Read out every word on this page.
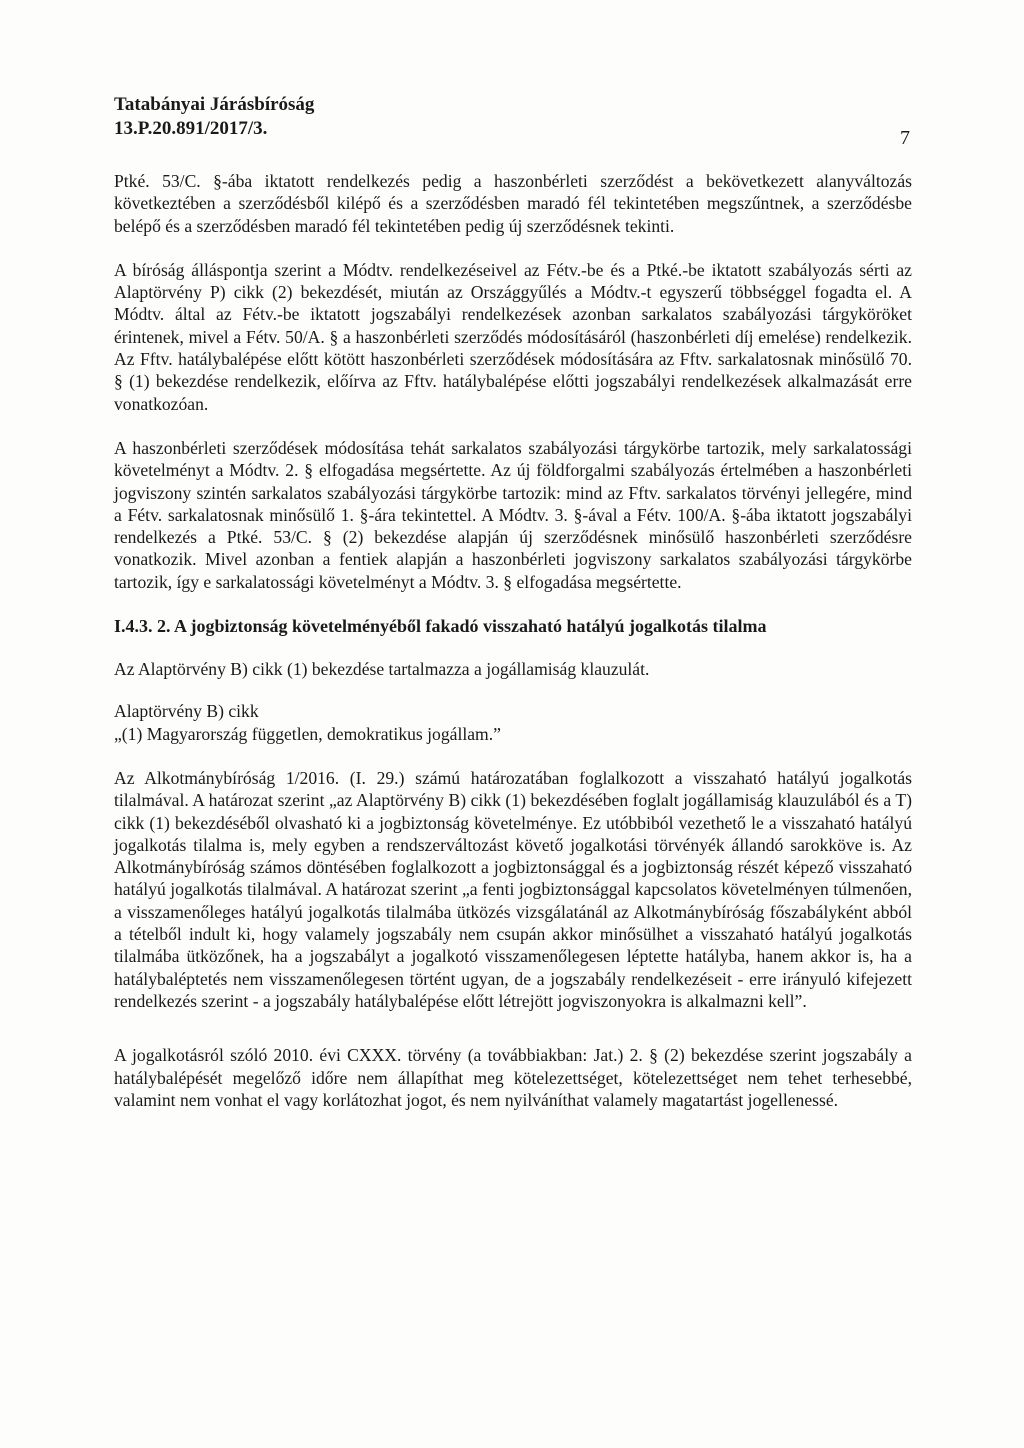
Tatabányai Járásbíróság
13.P.20.891/2017/3.	7

Ptké. 53/C. §-ába iktatott rendelkezés pedig a haszonbérleti szerződést a bekövetkezett alanyváltozás következtében a szerződésből kilépő és a szerződésben maradó fél tekintetében megszűntnek, a szerződésbe belépő és a szerződésben maradó fél tekintetében pedig új szerződésnek tekinti.

A bíróság álláspontja szerint a Módtv. rendelkezéseivel az Fétv.-be és a Ptké.-be iktatott szabályozás sérti az Alaptörvény P) cikk (2) bekezdését, miután az Országgyűlés a Módtv.-t egyszerű többséggel fogadta el. A Módtv. által az Fétv.-be iktatott jogszabályi rendelkezések azonban sarkalatos szabályozási tárgyköröket érintenek, mivel a Fétv. 50/A. § a haszonbérleti szerződés módosításáról (haszonbérleti díj emelése) rendelkezik. Az Fftv. hatálybalépése előtt kötött haszonbérleti szerződések módosítására az Fftv. sarkalatosnak minősülő 70. § (1) bekezdése rendelkezik, előírva az Fftv. hatálybalépése előtti jogszabályi rendelkezések alkalmazását erre vonatkozóan.

A haszonbérleti szerződések módosítása tehát sarkalatos szabályozási tárgykörbe tartozik, mely sarkalatossági követelményt a Módtv. 2. § elfogadása megsértette. Az új földforgalmi szabályozás értelmében a haszonbérleti jogviszony szintén sarkalatos szabályozási tárgykörbe tartozik: mind az Fftv. sarkalatos törvényi jellegére, mind a Fétv. sarkalatosnak minősülő 1. §-ára tekintettel. A Módtv. 3. §-ával a Fétv. 100/A. §-ába iktatott jogszabályi rendelkezés a Ptké. 53/C. § (2) bekezdése alapján új szerződésnek minősülő haszonbérleti szerződésre vonatkozik. Mivel azonban a fentiek alapján a haszonbérleti jogviszony sarkalatos szabályozási tárgykörbe tartozik, így e sarkalatossági követelményt a Módtv. 3. § elfogadása megsértette.

I.4.3. 2. A jogbiztonság követelményéből fakadó visszaható hatályú jogalkotás tilalma

Az Alaptörvény B) cikk (1) bekezdése tartalmazza a jogállamiság klauzulát.

Alaptörvény B) cikk

„(1) Magyarország független, demokratikus jogállam.”

Az Alkotmánybíróság 1/2016. (I. 29.) számú határozatában foglalkozott a visszaható hatályú jogalkotás tilalmával. A határozat szerint „az Alaptörvény B) cikk (1) bekezdésében foglalt jogállamiság klauzulából és a T) cikk (1) bekezdéséből olvasható ki a jogbiztonság követelménye. Ez utóbbiból vezethető le a visszaható hatályú jogalkotás tilalma is, mely egyben a rendszerváltozást követő jogalkotási törvényék állandó sarokköve is. Az Alkotmánybíróság számos döntésében foglalkozott a jogbiztonsággal és a jogbiztonság részét képező visszaható hatályú jogalkotás tilalmával. A határozat szerint „a fenti jogbiztonsággal kapcsolatos követelményen túlmenően, a visszamenőleges hatályú jogalkotás tilalmába ütközés vizsgálatánál az Alkotmánybíróság főszabályként abból a tételből indult ki, hogy valamely jogszabály nem csupán akkor minősülhet a visszaható hatályú jogalkotás tilalmába ütközőnek, ha a jogszabályt a jogalkotó visszamenőlegesen léptette hatályba, hanem akkor is, ha a hatálybaléptetés nem visszamenőlegesen történt ugyan, de a jogszabály rendelkezéseit - erre irányuló kifejezett rendelkezés szerint - a jogszabály hatálybalépése előtt létrejött jogviszonyokra is alkalmazni kell”.

A jogalkotásról szóló 2010. évi CXXX. törvény (a továbbiakban: Jat.) 2. § (2) bekezdése szerint jogszabály a hatálybalépését megelőző időre nem állapíthat meg kötelezettséget, kötelezettséget nem tehet terhesebbé, valamint nem vonhat el vagy korlátozhat jogot, és nem nyilváníthat valamely magatartást jogellenessé.
